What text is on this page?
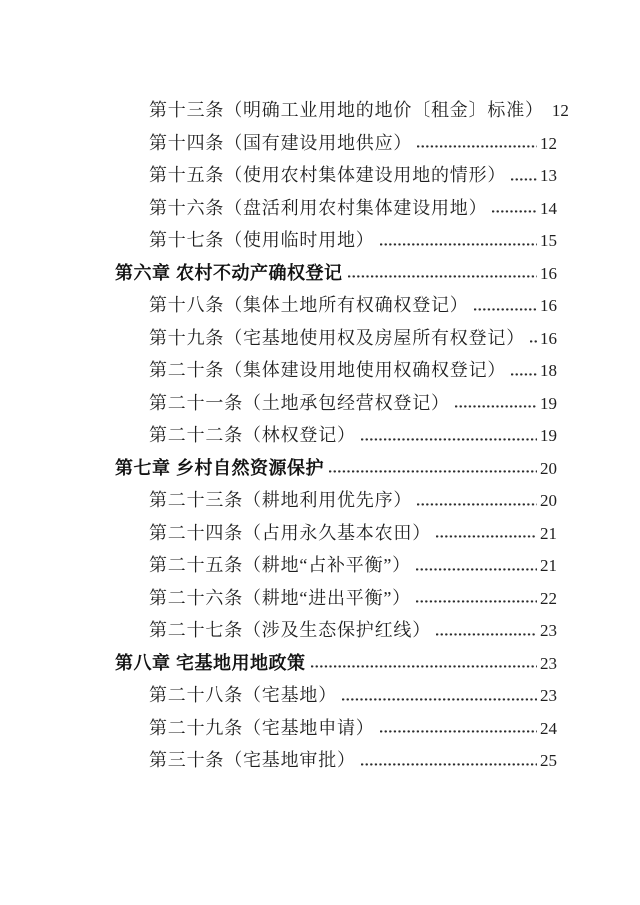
第十三条（明确工业用地的地价〔租金〕标准） 12
第十四条（国有建设用地供应）	12
第十五条（使用农村集体建设用地的情形） 13
第十六条（盘活利用农村集体建设用地）	14
第十七条（使用临时用地）	15
第六章 农村不动产确权登记	16
第十八条（集体土地所有权确权登记）	16
第十九条（宅基地使用权及房屋所有权登记） 16
第二十条（集体建设用地使用权确权登记） 18
第二十一条（土地承包经营权登记）	19
第二十二条（林权登记）	19
第七章 乡村自然资源保护	20
第二十三条（耕地利用优先序）	20
第二十四条（占用永久基本农田）	21
第二十五条（耕地“占补平衡”）	21
第二十六条（耕地“进出平衡”）	22
第二十七条（涉及生态保护红线）	23
第八章 宅基地用地政策	23
第二十八条（宅基地）	23
第二十九条（宅基地申请）	24
第三十条（宅基地审批）	25
